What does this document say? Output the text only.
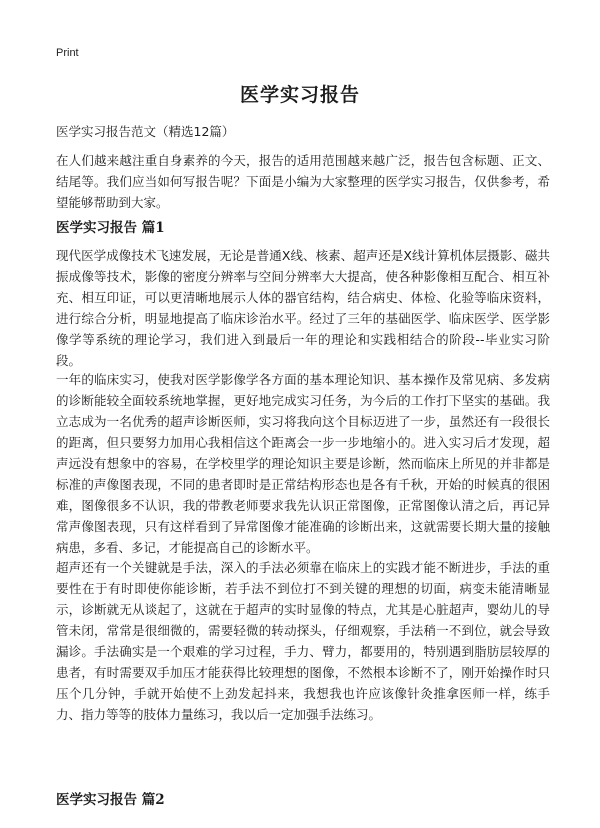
Print
医学实习报告
医学实习报告范文（精选12篇）

在人们越来越注重自身素养的今天，报告的适用范围越来越广泛，报告包含标题、正文、结尾等。我们应当如何写报告呢？下面是小编为大家整理的医学实习报告，仅供参考，希望能够帮助到大家。

医学实习报告 篇1

现代医学成像技术飞速发展，无论是普通X线、核素、超声还是X线计算机体层摄影、磁共振成像等技术，影像的密度分辨率与空间分辨率大大提高，使各种影像相互配合、相互补充、相互印证，可以更清晰地展示人体的器官结构，结合病史、体检、化验等临床资料，进行综合分析，明显地提高了临床诊治水平。经过了三年的基础医学、临床医学、医学影像学等系统的理论学习，我们进入到最后一年的理论和实践相结合的阶段--毕业实习阶段。

一年的临床实习，使我对医学影像学各方面的基本理论知识、基本操作及常见病、多发病的诊断能较全面较系统地掌握，更好地完成实习任务，为今后的工作打下坚实的基础。我立志成为一名优秀的超声诊断医师，实习将我向这个目标迈进了一步，虽然还有一段很长的距离，但只要努力加用心我相信这个距离会一步一步地缩小的。进入实习后才发现，超声远没有想象中的容易，在学校里学的理论知识主要是诊断，然而临床上所见的并非都是标准的声像图表现，不同的患者即时是正常结构形态也是各有千秋，开始的时候真的很困难，图像很多不认识，我的带教老师要求我先认识正常图像，正常图像认清之后，再记异常声像图表现，只有这样看到了异常图像才能准确的诊断出来，这就需要长期大量的接触病患，多看、多记，才能提高自己的诊断水平。

超声还有一个关键就是手法，深入的手法必须靠在临床上的实践才能不断进步，手法的重要性在于有时即使你能诊断，若手法不到位打不到关键的理想的切面，病变未能清晰显示，诊断就无从谈起了，这就在于超声的实时显像的特点，尤其是心脏超声，婴幼儿的导管未闭，常常是很细微的，需要轻微的转动探头，仔细观察，手法稍一不到位，就会导致漏诊。手法确实是一个艰难的学习过程，手力、臂力，都要用的，特别遇到脂肪层较厚的患者，有时需要双手加压才能获得比较理想的图像，不然根本诊断不了，刚开始操作时只压个几分钟，手就开始使不上劲发起抖来，我想我也许应该像针灸推拿医师一样，练手力、指力等等的肢体力量练习，我以后一定加强手法练习。

医学实习报告 篇2
